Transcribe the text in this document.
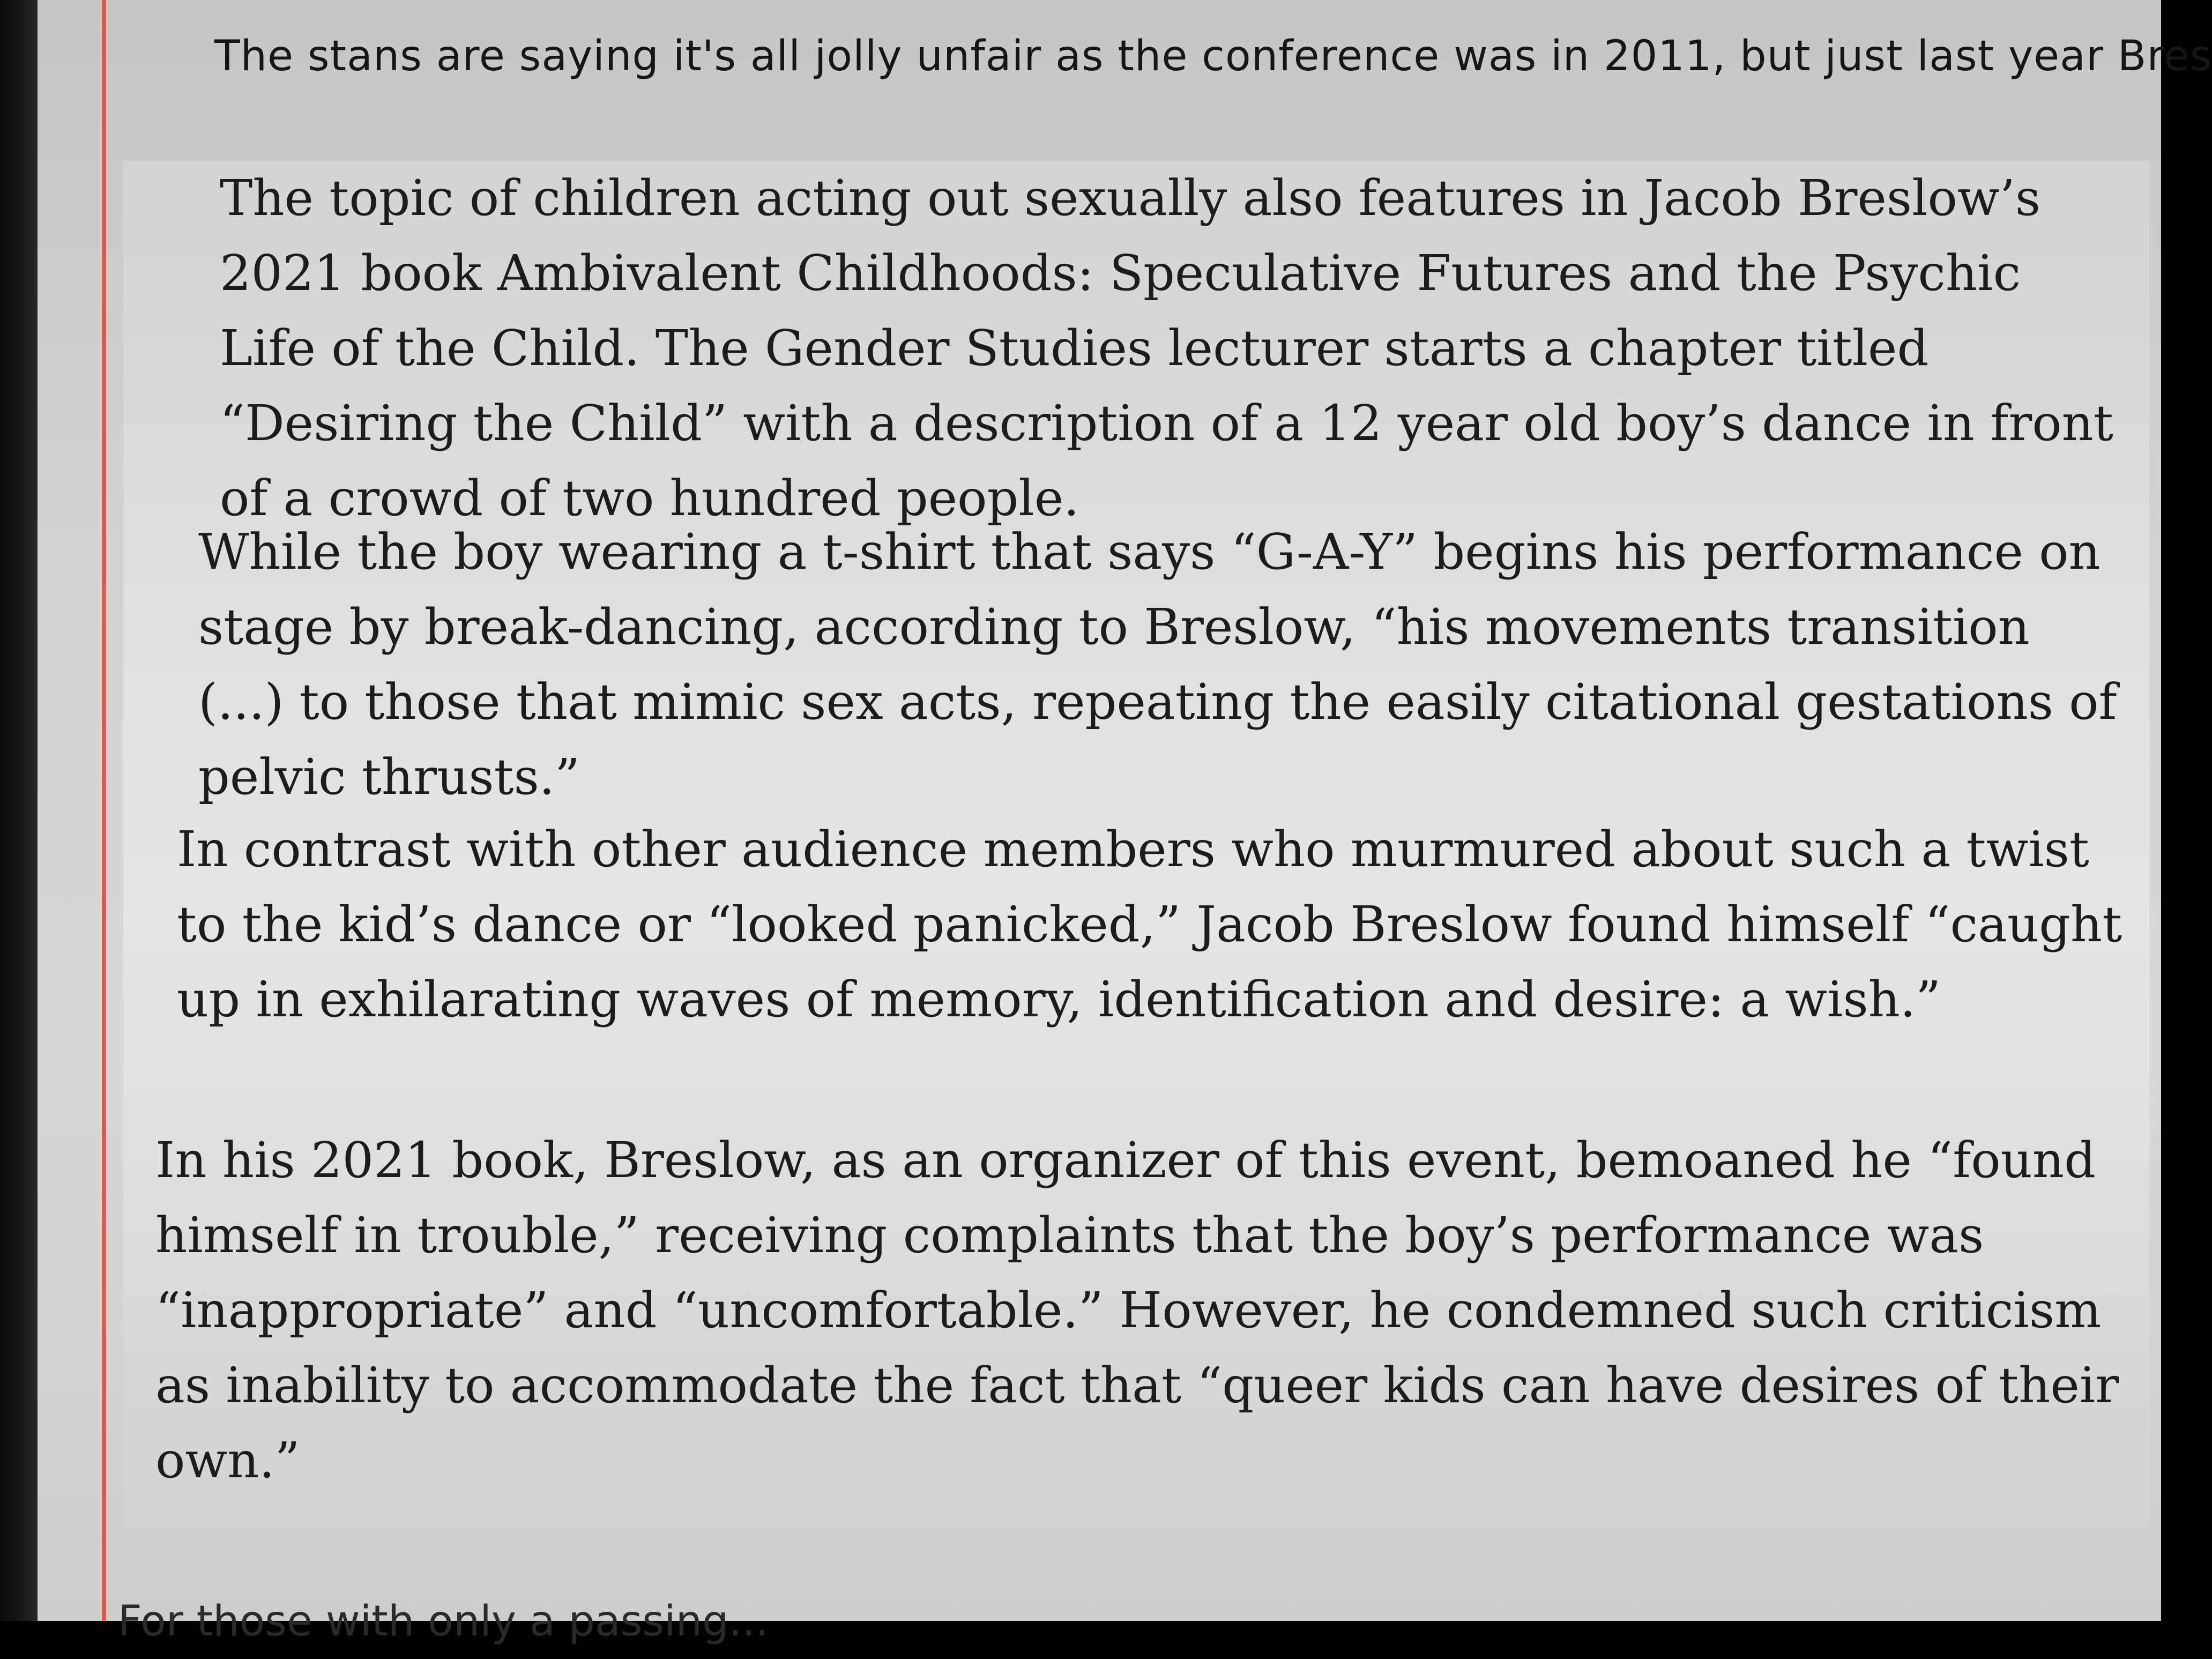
The stans are saying it's all jolly unfair as the conference was in 2011, but just last year Bres

The topic of children acting out sexually also features in Jacob Breslow’s 2021 book Ambivalent Childhoods: Speculative Futures and the Psychic Life of the Child. The Gender Studies lecturer starts a chapter titled “Desiring the Child” with a description of a 12 year old boy’s dance in front of a crowd of two hundred people.

While the boy wearing a t-shirt that says “G-A-Y” begins his performance on stage by break-dancing, according to Breslow, “his movements transition (...) to those that mimic sex acts, repeating the easily citational gestations of pelvic thrusts.”

In contrast with other audience members who murmured about such a twist to the kid’s dance or “looked panicked,” Jacob Breslow found himself “caught up in exhilarating waves of memory, identification and desire: a wish.”

In his 2021 book, Breslow, as an organizer of this event, bemoaned he “found himself in trouble,” receiving complaints that the boy’s performance was “inappropriate” and “uncomfortable.” However, he condemned such criticism as inability to accommodate the fact that “queer kids can have desires of their own.”

For those with only a passing...
